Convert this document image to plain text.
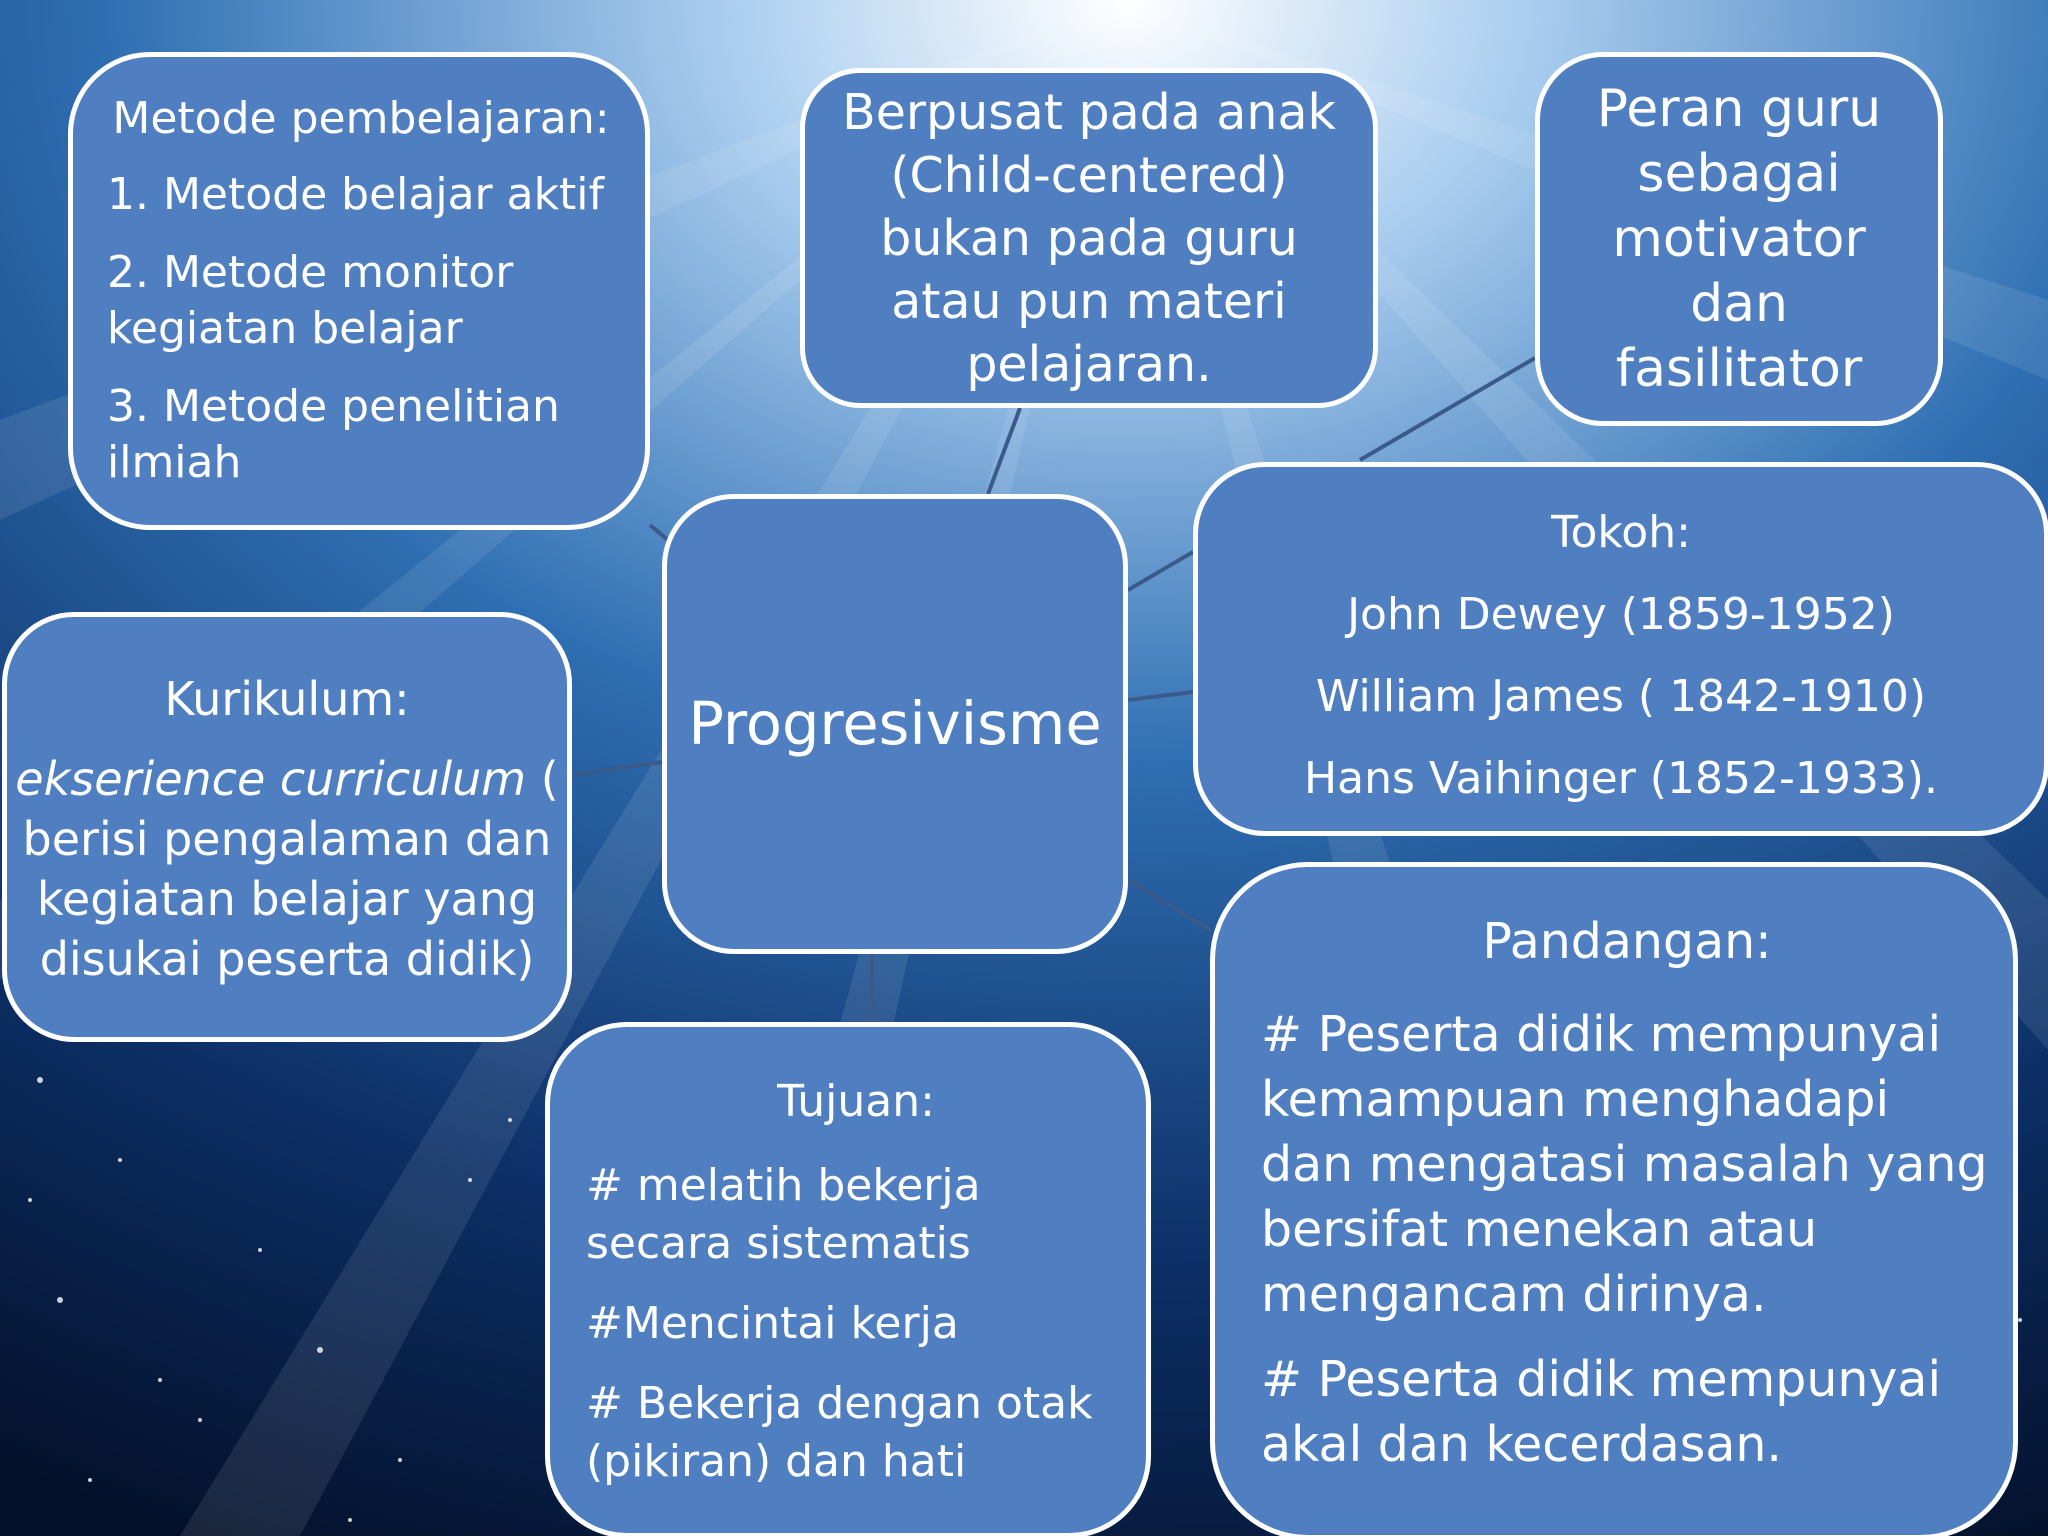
Metode pembelajaran:

1. Metode belajar aktif

2. Metode monitor kegiatan belajar

3. Metode penelitian ilmiah

Berpusat pada anak (Child-centered) bukan pada guru atau pun materi pelajaran.

Peran guru sebagai motivator dan fasilitator

Progresivisme

Tokoh:

John Dewey (1859-1952)

William James ( 1842-1910)

Hans Vaihinger (1852-1933).

Kurikulum:

ekserience curriculum ( berisi pengalaman dan kegiatan belajar yang disukai peserta didik)

Tujuan:

# melatih bekerja secara sistematis

#Mencintai kerja

# Bekerja dengan otak (pikiran) dan hati

Pandangan:

# Peserta didik mempunyai kemampuan menghadapi dan mengatasi masalah yang bersifat menekan atau mengancam dirinya.

# Peserta didik mempunyai akal dan kecerdasan.
